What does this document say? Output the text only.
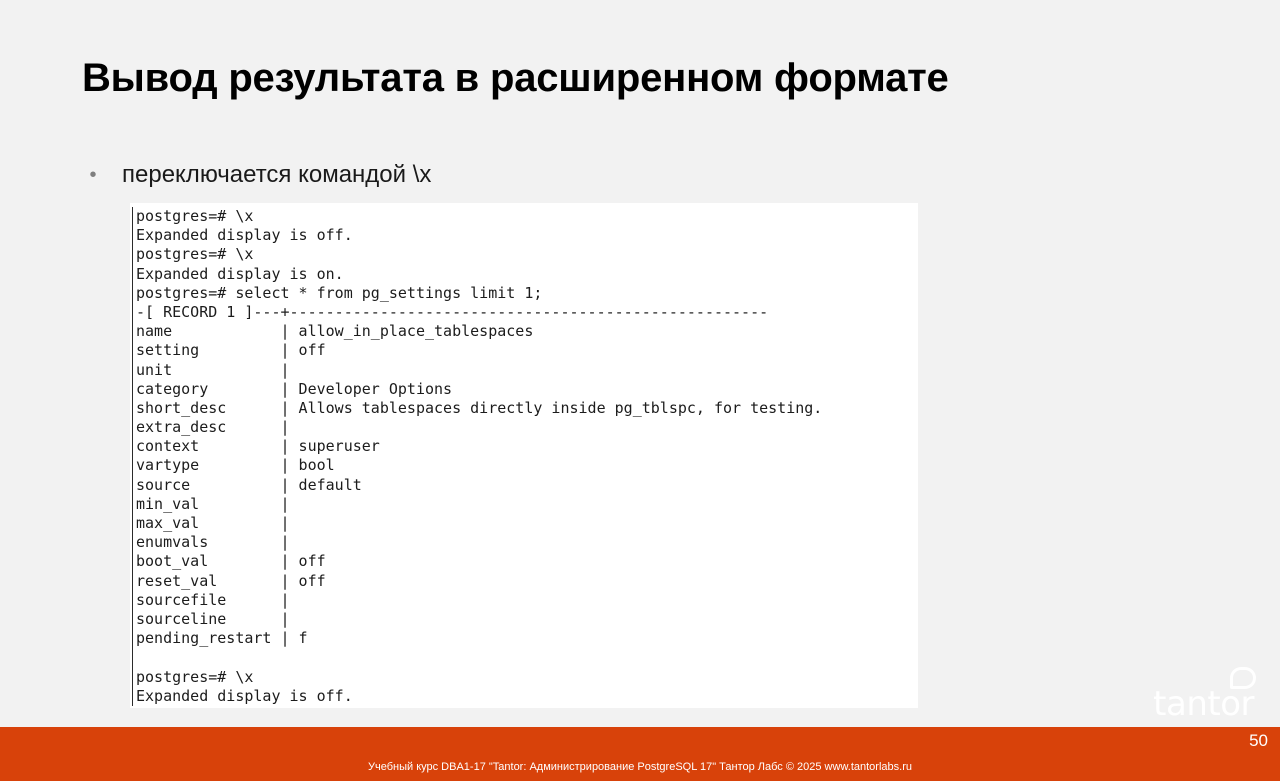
Вывод результата в расширенном формате
• переключается командой \x
postgres=# \x
Expanded display is off.
postgres=# \x
Expanded display is on.
postgres=# select * from pg_settings limit 1;
-[ RECORD 1 ]---+-----------------------------------------------------
name            | allow_in_place_tablespaces
setting         | off
unit            |
category        | Developer Options
short_desc      | Allows tablespaces directly inside pg_tblspc, for testing.
extra_desc      |
context         | superuser
vartype         | bool
source          | default
min_val         |
max_val         |
enumvals        |
boot_val        | off
reset_val       | off
sourcefile      |
sourceline      |
pending_restart | f
postgres=# \x
Expanded display is off.
Учебный курс DBA1-17 "Tantor: Администрирование PostgreSQL 17" Тантор Лабс © 2025 www.tantorlabs.ru
50
tantor
